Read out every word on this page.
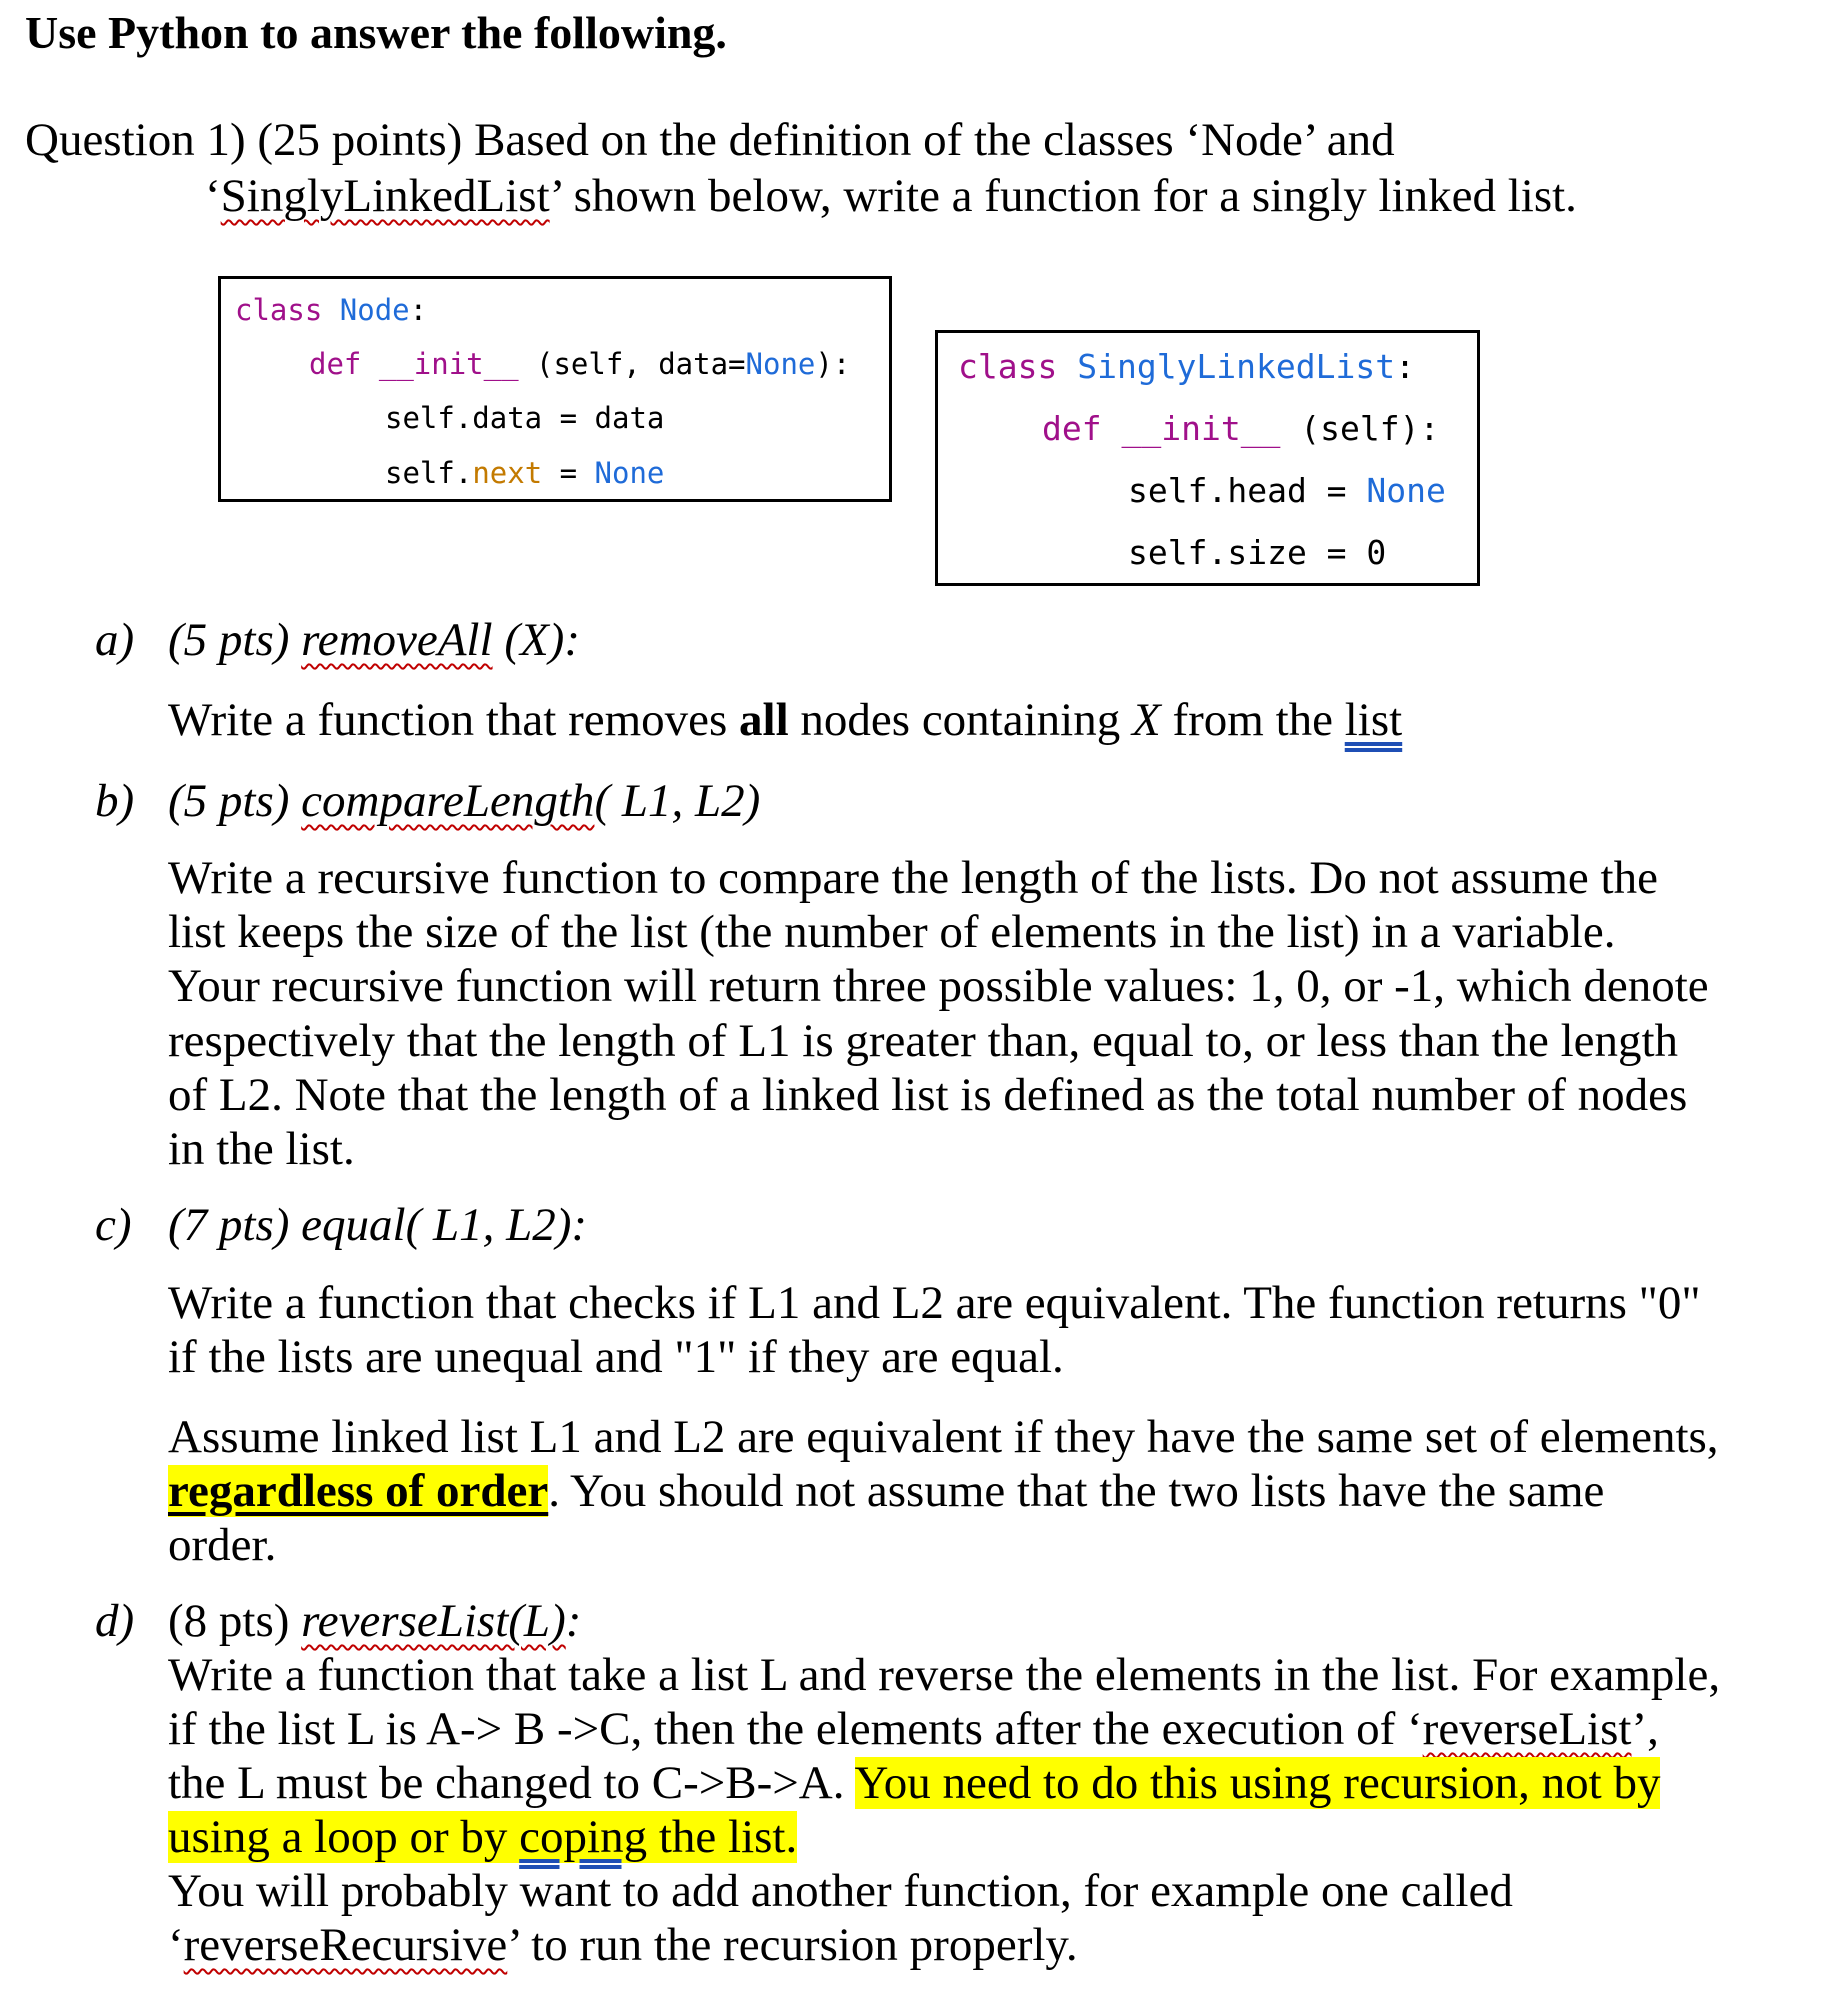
Use Python to answer the following.
Question 1) (25 points) Based on the definition of the classes ‘Node’ and
‘SinglyLinkedList’ shown below, write a function for a singly linked list.
class Node:
def __init__ (self, data=None):
self.data = data
self.next = None
class SinglyLinkedList:
def __init__ (self):
self.head = None
self.size = 0
a) (5 pts) removeAll (X):
Write a function that removes all nodes containing X from the list
b) (5 pts) compareLength( L1, L2)
Write a recursive function to compare the length of the lists. Do not assume the
list keeps the size of the list (the number of elements in the list) in a variable.
Your recursive function will return three possible values: 1, 0, or -1, which denote
respectively that the length of L1 is greater than, equal to, or less than the length
of L2. Note that the length of a linked list is defined as the total number of nodes
in the list.
c) (7 pts) equal( L1, L2):
Write a function that checks if L1 and L2 are equivalent. The function returns "0"
if the lists are unequal and "1" if they are equal.
Assume linked list L1 and L2 are equivalent if they have the same set of elements,
regardless of order. You should not assume that the two lists have the same
order.
d) (8 pts) reverseList(L):
Write a function that take a list L and reverse the elements in the list. For example,
if the list L is A-> B ->C, then the elements after the execution of ‘reverseList’,
the L must be changed to C->B->A. You need to do this using recursion, not by
using a loop or by coping the list.
You will probably want to add another function, for example one called
‘reverseRecursive’ to run the recursion properly.
